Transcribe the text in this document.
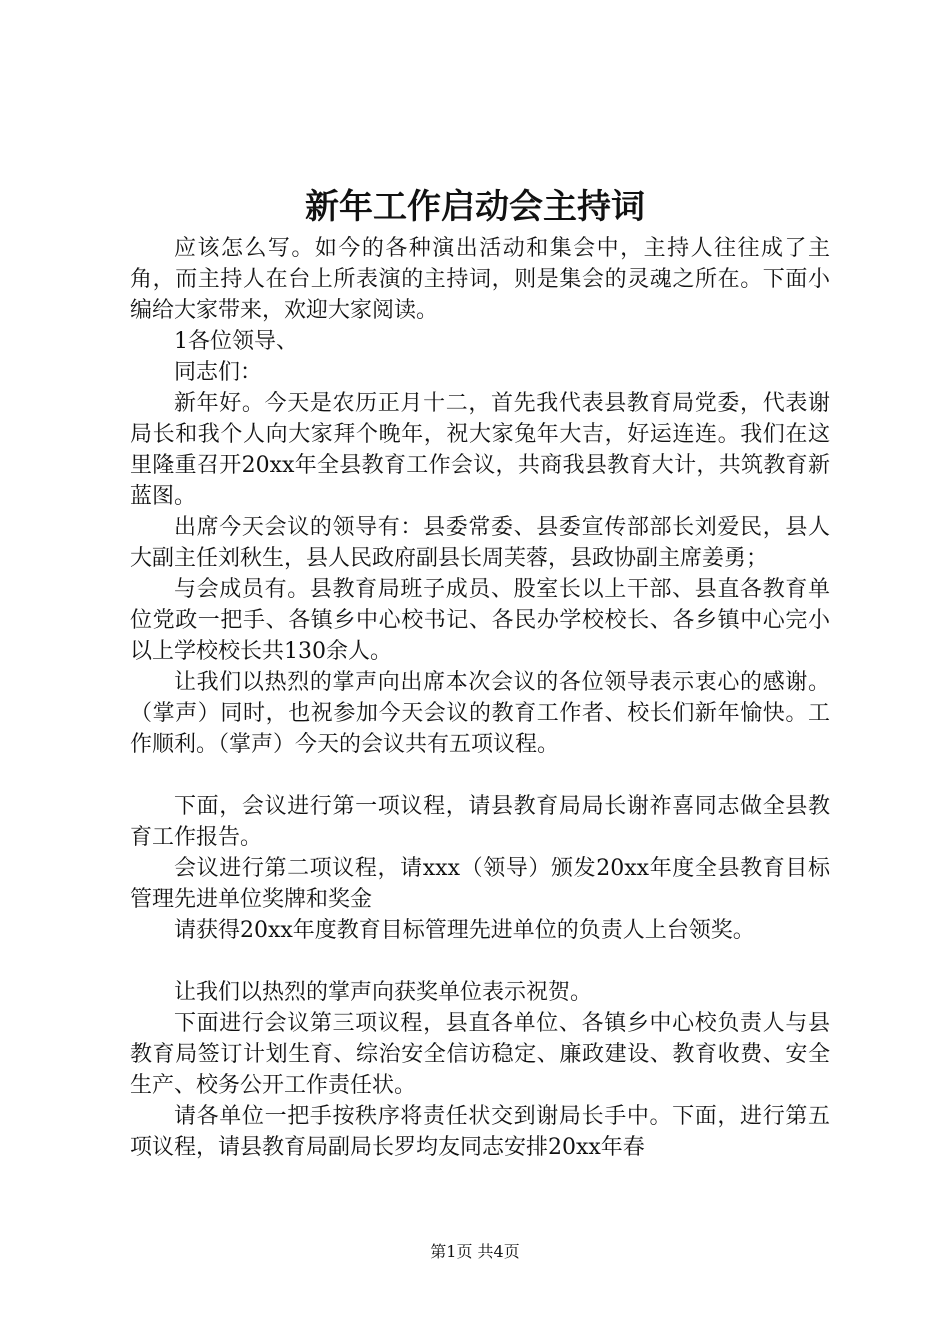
新年工作启动会主持词

应该怎么写。如今的各种演出活动和集会中，主持人往往成了主角，而主持人在台上所表演的主持词，则是集会的灵魂之所在。下面小编给大家带来，欢迎大家阅读。

1各位领导、

同志们：

新年好。今天是农历正月十二，首先我代表县教育局党委，代表谢局长和我个人向大家拜个晚年，祝大家兔年大吉，好运连连。我们在这里隆重召开20xx年全县教育工作会议，共商我县教育大计，共筑教育新蓝图。

出席今天会议的领导有：县委常委、县委宣传部部长刘爱民，县人大副主任刘秋生，县人民政府副县长周芙蓉，县政协副主席姜勇；

与会成员有。县教育局班子成员、股室长以上干部、县直各教育单位党政一把手、各镇乡中心校书记、各民办学校校长、各乡镇中心完小以上学校校长共130余人。

让我们以热烈的掌声向出席本次会议的各位领导表示衷心的感谢。（掌声）同时，也祝参加今天会议的教育工作者、校长们新年愉快。工作顺利。（掌声）今天的会议共有五项议程。

下面，会议进行第一项议程，请县教育局局长谢祚喜同志做全县教育工作报告。

会议进行第二项议程，请xxx（领导）颁发20xx年度全县教育目标管理先进单位奖牌和奖金

请获得20xx年度教育目标管理先进单位的负责人上台领奖。

让我们以热烈的掌声向获奖单位表示祝贺。

下面进行会议第三项议程，县直各单位、各镇乡中心校负责人与县教育局签订计划生育、综治安全信访稳定、廉政建设、教育收费、安全生产、校务公开工作责任状。

请各单位一把手按秩序将责任状交到谢局长手中。下面，进行第五项议程，请县教育局副局长罗均友同志安排20xx年春

第1页 共4页
